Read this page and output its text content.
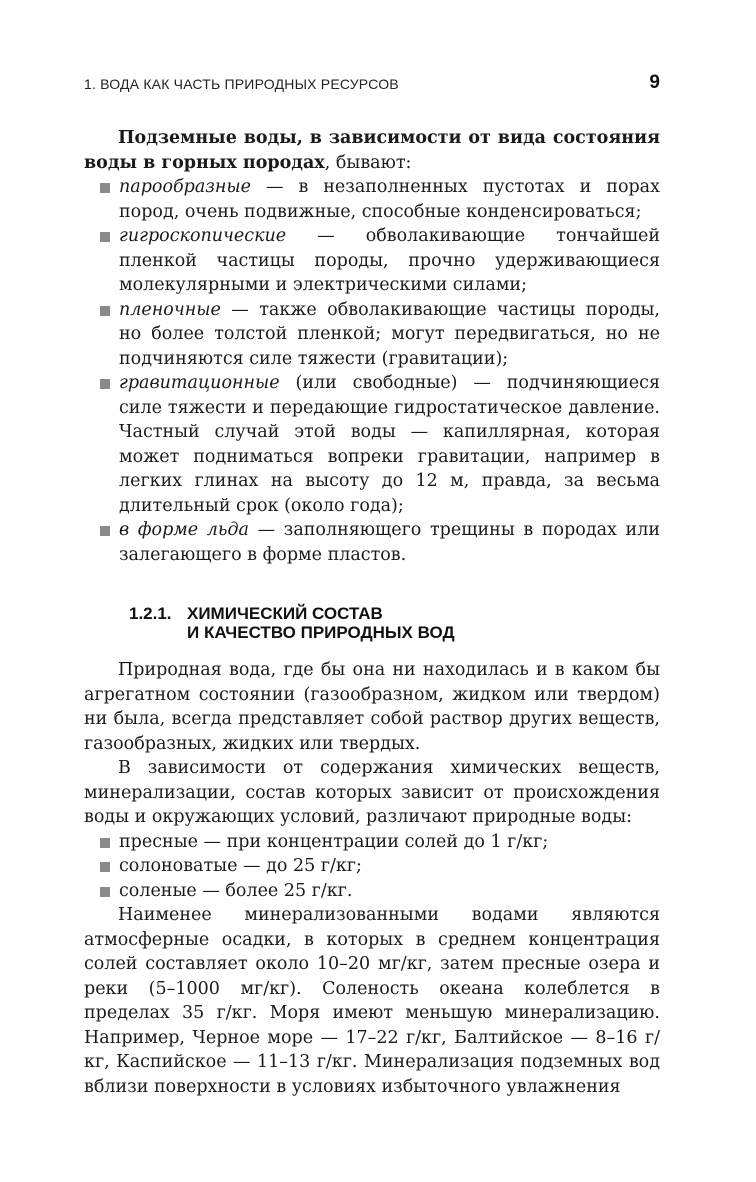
1. ВОДА КАК ЧАСТЬ ПРИРОДНЫХ РЕСУРСОВ	9

Подземные воды, в зависимости от вида состояния воды в горных породах, бывают:

парообразные — в незаполненных пустотах и порах пород, очень подвижные, способные конденсироваться;
гигроскопические — обволакивающие тончайшей пленкой частицы породы, прочно удерживающиеся молекулярными и электрическими силами;
пленочные — также обволакивающие частицы породы, но более толстой пленкой; могут передвигаться, но не подчиняются силе тяжести (гравитации);
гравитационные (или свободные) — подчиняющиеся силе тяжести и передающие гидростатическое давление. Частный случай этой воды — капиллярная, которая может подниматься вопреки гравитации, например в легких глинах на высоту до 12 м, правда, за весьма длительный срок (около года);
в форме льда — заполняющего трещины в породах или залегающего в форме пластов.
1.2.1. ХИМИЧЕСКИЙ СОСТАВ
И КАЧЕСТВО ПРИРОДНЫХ ВОД

Природная вода, где бы она ни находилась и в каком бы агрегатном состоянии (газообразном, жидком или твердом) ни была, всегда представляет собой раствор других веществ, газообразных, жидких или твердых.

В зависимости от содержания химических веществ, минерализации, состав которых зависит от происхождения воды и окружающих условий, различают природные воды:

пресные — при концентрации солей до 1 г/кг;
солоноватые — до 25 г/кг;
соленые — более 25 г/кг.

Наименее минерализованными водами являются атмосферные осадки, в которых в среднем концентрация солей составляет около 10–20 мг/кг, затем пресные озера и реки (5–1000 мг/кг). Соленость океана колеблется в пределах 35 г/кг. Моря имеют меньшую минерализацию. Например, Черное море — 17–22 г/кг, Балтийское — 8–16 г/кг, Каспийское — 11–13 г/кг. Минерализация подземных вод вблизи поверхности в условиях избыточного увлажнения
